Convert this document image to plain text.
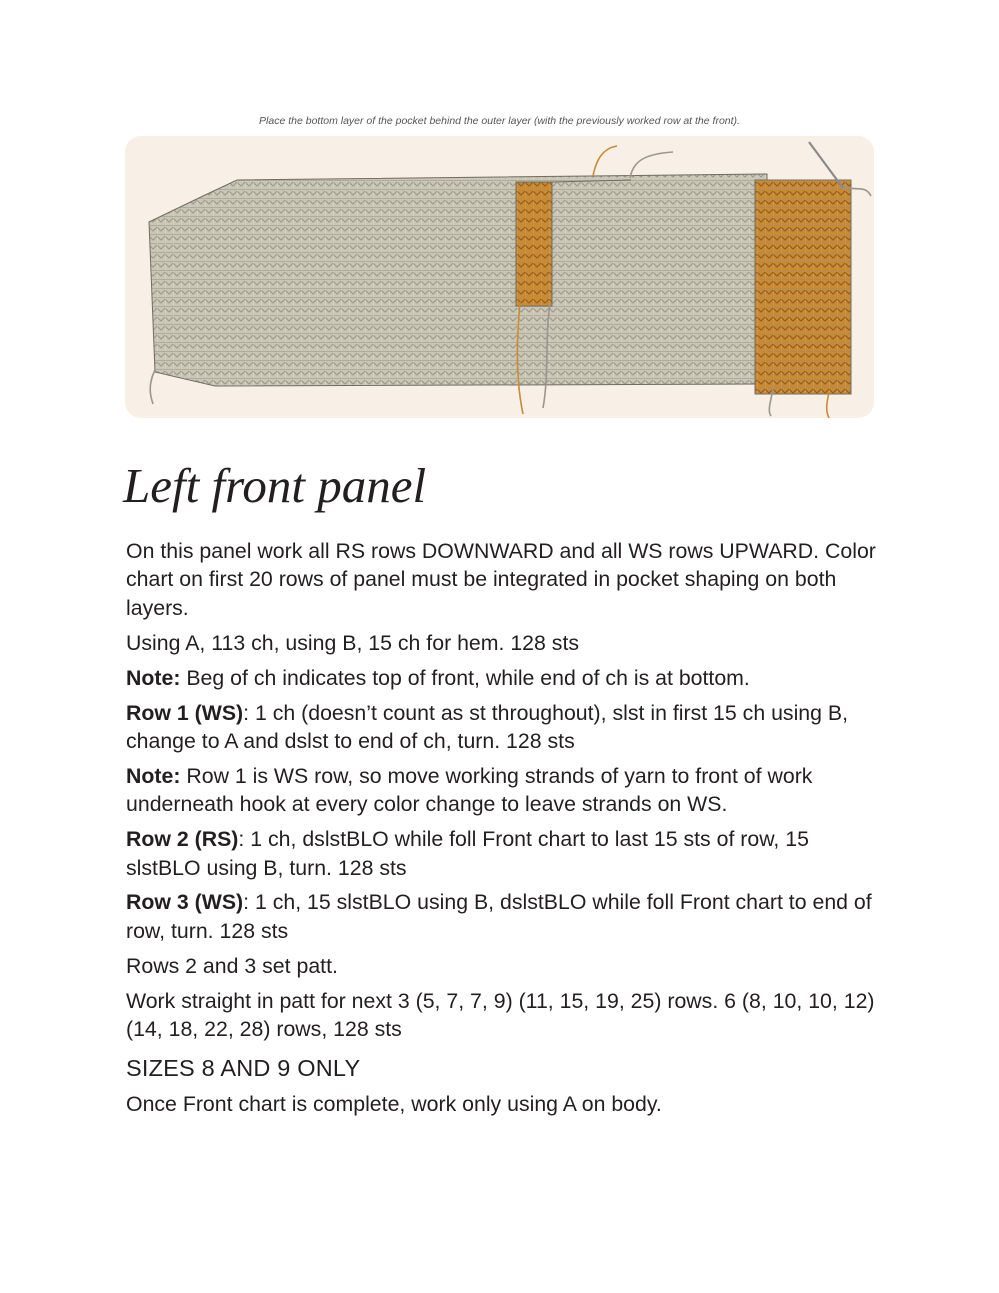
Place the bottom layer of the pocket behind the outer layer (with the previously worked row at the front).
Left front panel

On this panel work all RS rows DOWNWARD and all WS rows UPWARD. Color chart on first 20 rows of panel must be integrated in pocket shaping on both layers.

Using A, 113 ch, using B, 15 ch for hem. 128 sts

Note: Beg of ch indicates top of front, while end of ch is at bottom.

Row 1 (WS): 1 ch (doesn’t count as st throughout), slst in first 15 ch using B, change to A and dslst to end of ch, turn. 128 sts

Note: Row 1 is WS row, so move working strands of yarn to front of work underneath hook at every color change to leave strands on WS.

Row 2 (RS): 1 ch, dslstBLO while foll Front chart to last 15 sts of row, 15 slstBLO using B, turn. 128 sts

Row 3 (WS): 1 ch, 15 slstBLO using B, dslstBLO while foll Front chart to end of row, turn. 128 sts

Rows 2 and 3 set patt.

Work straight in patt for next 3 (5, 7, 7, 9) (11, 15, 19, 25) rows. 6 (8, 10, 10, 12) (14, 18, 22, 28) rows, 128 sts

SIZES 8 AND 9 ONLY

Once Front chart is complete, work only using A on body.
